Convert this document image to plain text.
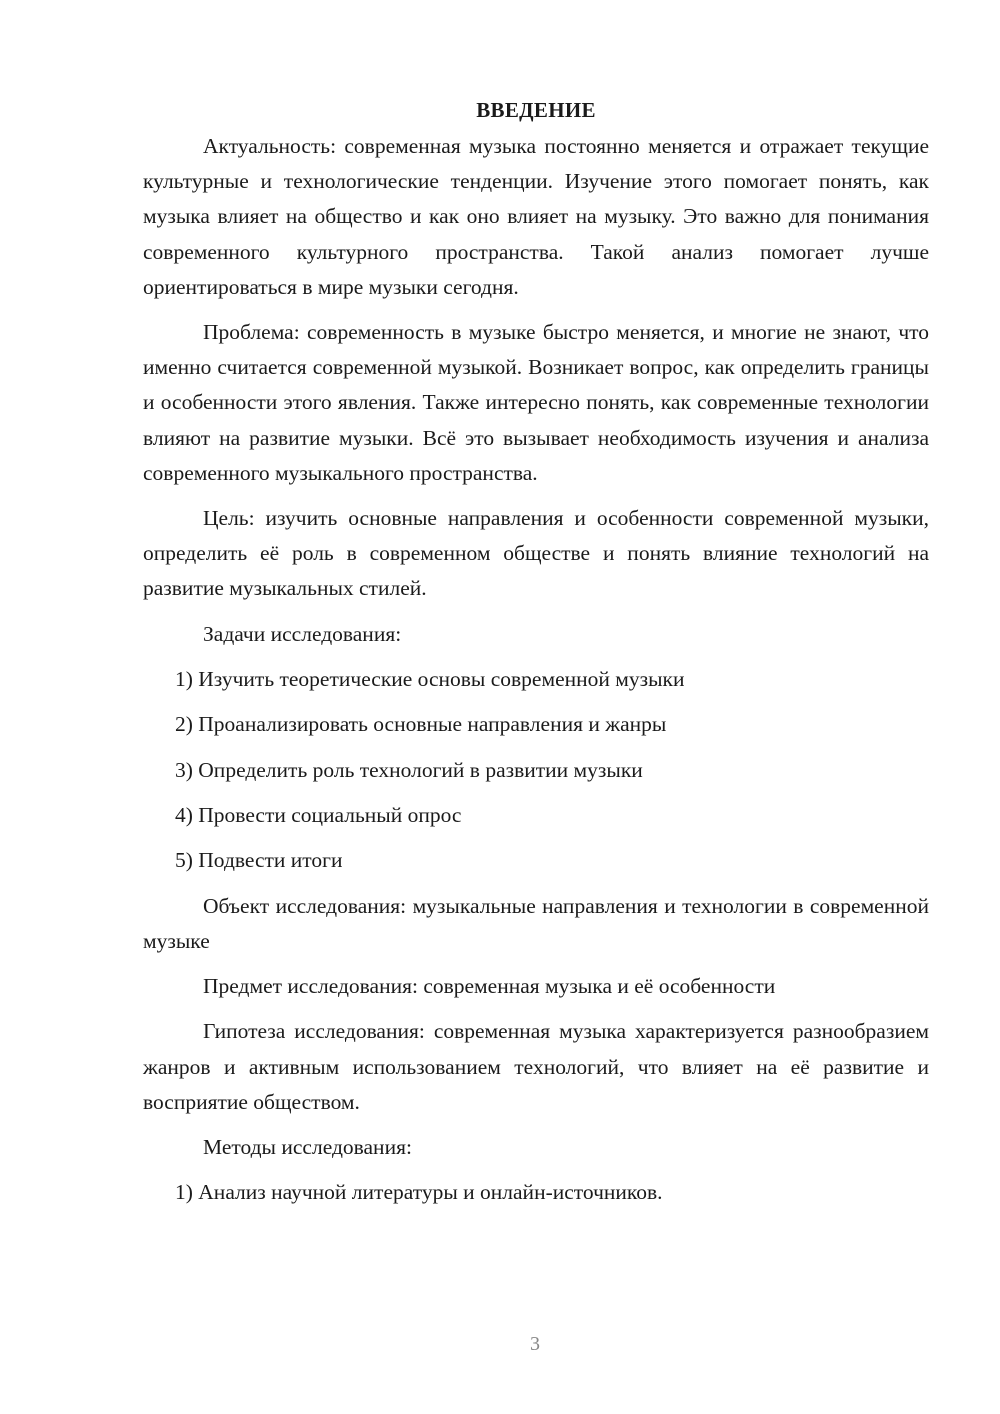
ВВЕДЕНИЕ

Актуальность: современная музыка постоянно меняется и отражает текущие культурные и технологические тенденции. Изучение этого помогает понять, как музыка влияет на общество и как оно влияет на музыку. Это важно для понимания современного культурного пространства. Такой анализ помогает лучше ориентироваться в мире музыки сегодня.

Проблема: современность в музыке быстро меняется, и многие не знают, что именно считается современной музыкой. Возникает вопрос, как определить границы и особенности этого явления. Также интересно понять, как современные технологии влияют на развитие музыки. Всё это вызывает необходимость изучения и анализа современного музыкального пространства.

Цель: изучить основные направления и особенности современной музыки, определить её роль в современном обществе и понять влияние технологий на развитие музыкальных стилей.

Задачи исследования:

1) Изучить теоретические основы современной музыки

2) Проанализировать основные направления и жанры

3) Определить роль технологий в развитии музыки

4) Провести социальный опрос

5) Подвести итоги

Объект исследования: музыкальные направления и технологии в современной музыке

Предмет исследования: современная музыка и её особенности

Гипотеза исследования: современная музыка характеризуется разнообразием жанров и активным использованием технологий, что влияет на её развитие и восприятие обществом.

Методы исследования:

1) Анализ научной литературы и онлайн-источников.

3
